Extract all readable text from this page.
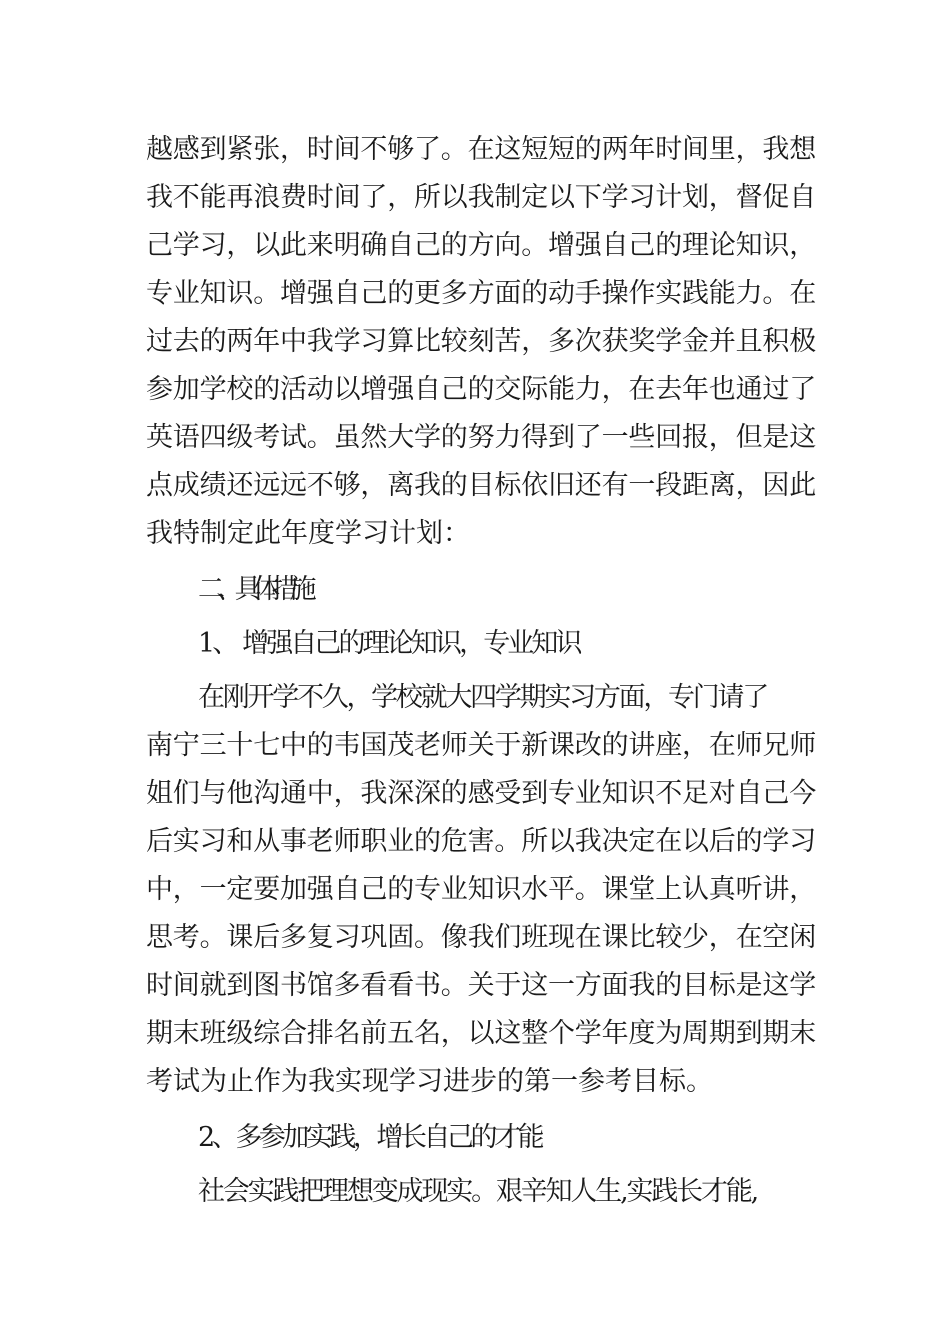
越感到紧张，时间不够了。在这短短的两年时间里，我想
我不能再浪费时间了，所以我制定以下学习计划，督促自
己学习，以此来明确自己的方向。增强自己的理论知识，
专业知识。增强自己的更多方面的动手操作实践能力。在
过去的两年中我学习算比较刻苦，多次获奖学金并且积极
参加学校的活动以增强自己的交际能力，在去年也通过了
英语四级考试。虽然大学的努力得到了一些回报，但是这
点成绩还远远不够，离我的目标依旧还有一段距离，因此
我特制定此年度学习计划：
二、具体措施
1、 增强自己的理论知识，专业知识
在刚开学不久，学校就大四学期实习方面，专门请了
南宁三十七中的韦国茂老师关于新课改的讲座，在师兄师
姐们与他沟通中，我深深的感受到专业知识不足对自己今
后实习和从事老师职业的危害。所以我决定在以后的学习
中，一定要加强自己的专业知识水平。课堂上认真听讲，
思考。课后多复习巩固。像我们班现在课比较少，在空闲
时间就到图书馆多看看书。关于这一方面我的目标是这学
期末班级综合排名前五名，以这整个学年度为周期到期末
考试为止作为我实现学习进步的第一参考目标。
2、多参加实践，增长自己的才能
社会实践把理想变成现实。艰辛知人生,实践长才能,
